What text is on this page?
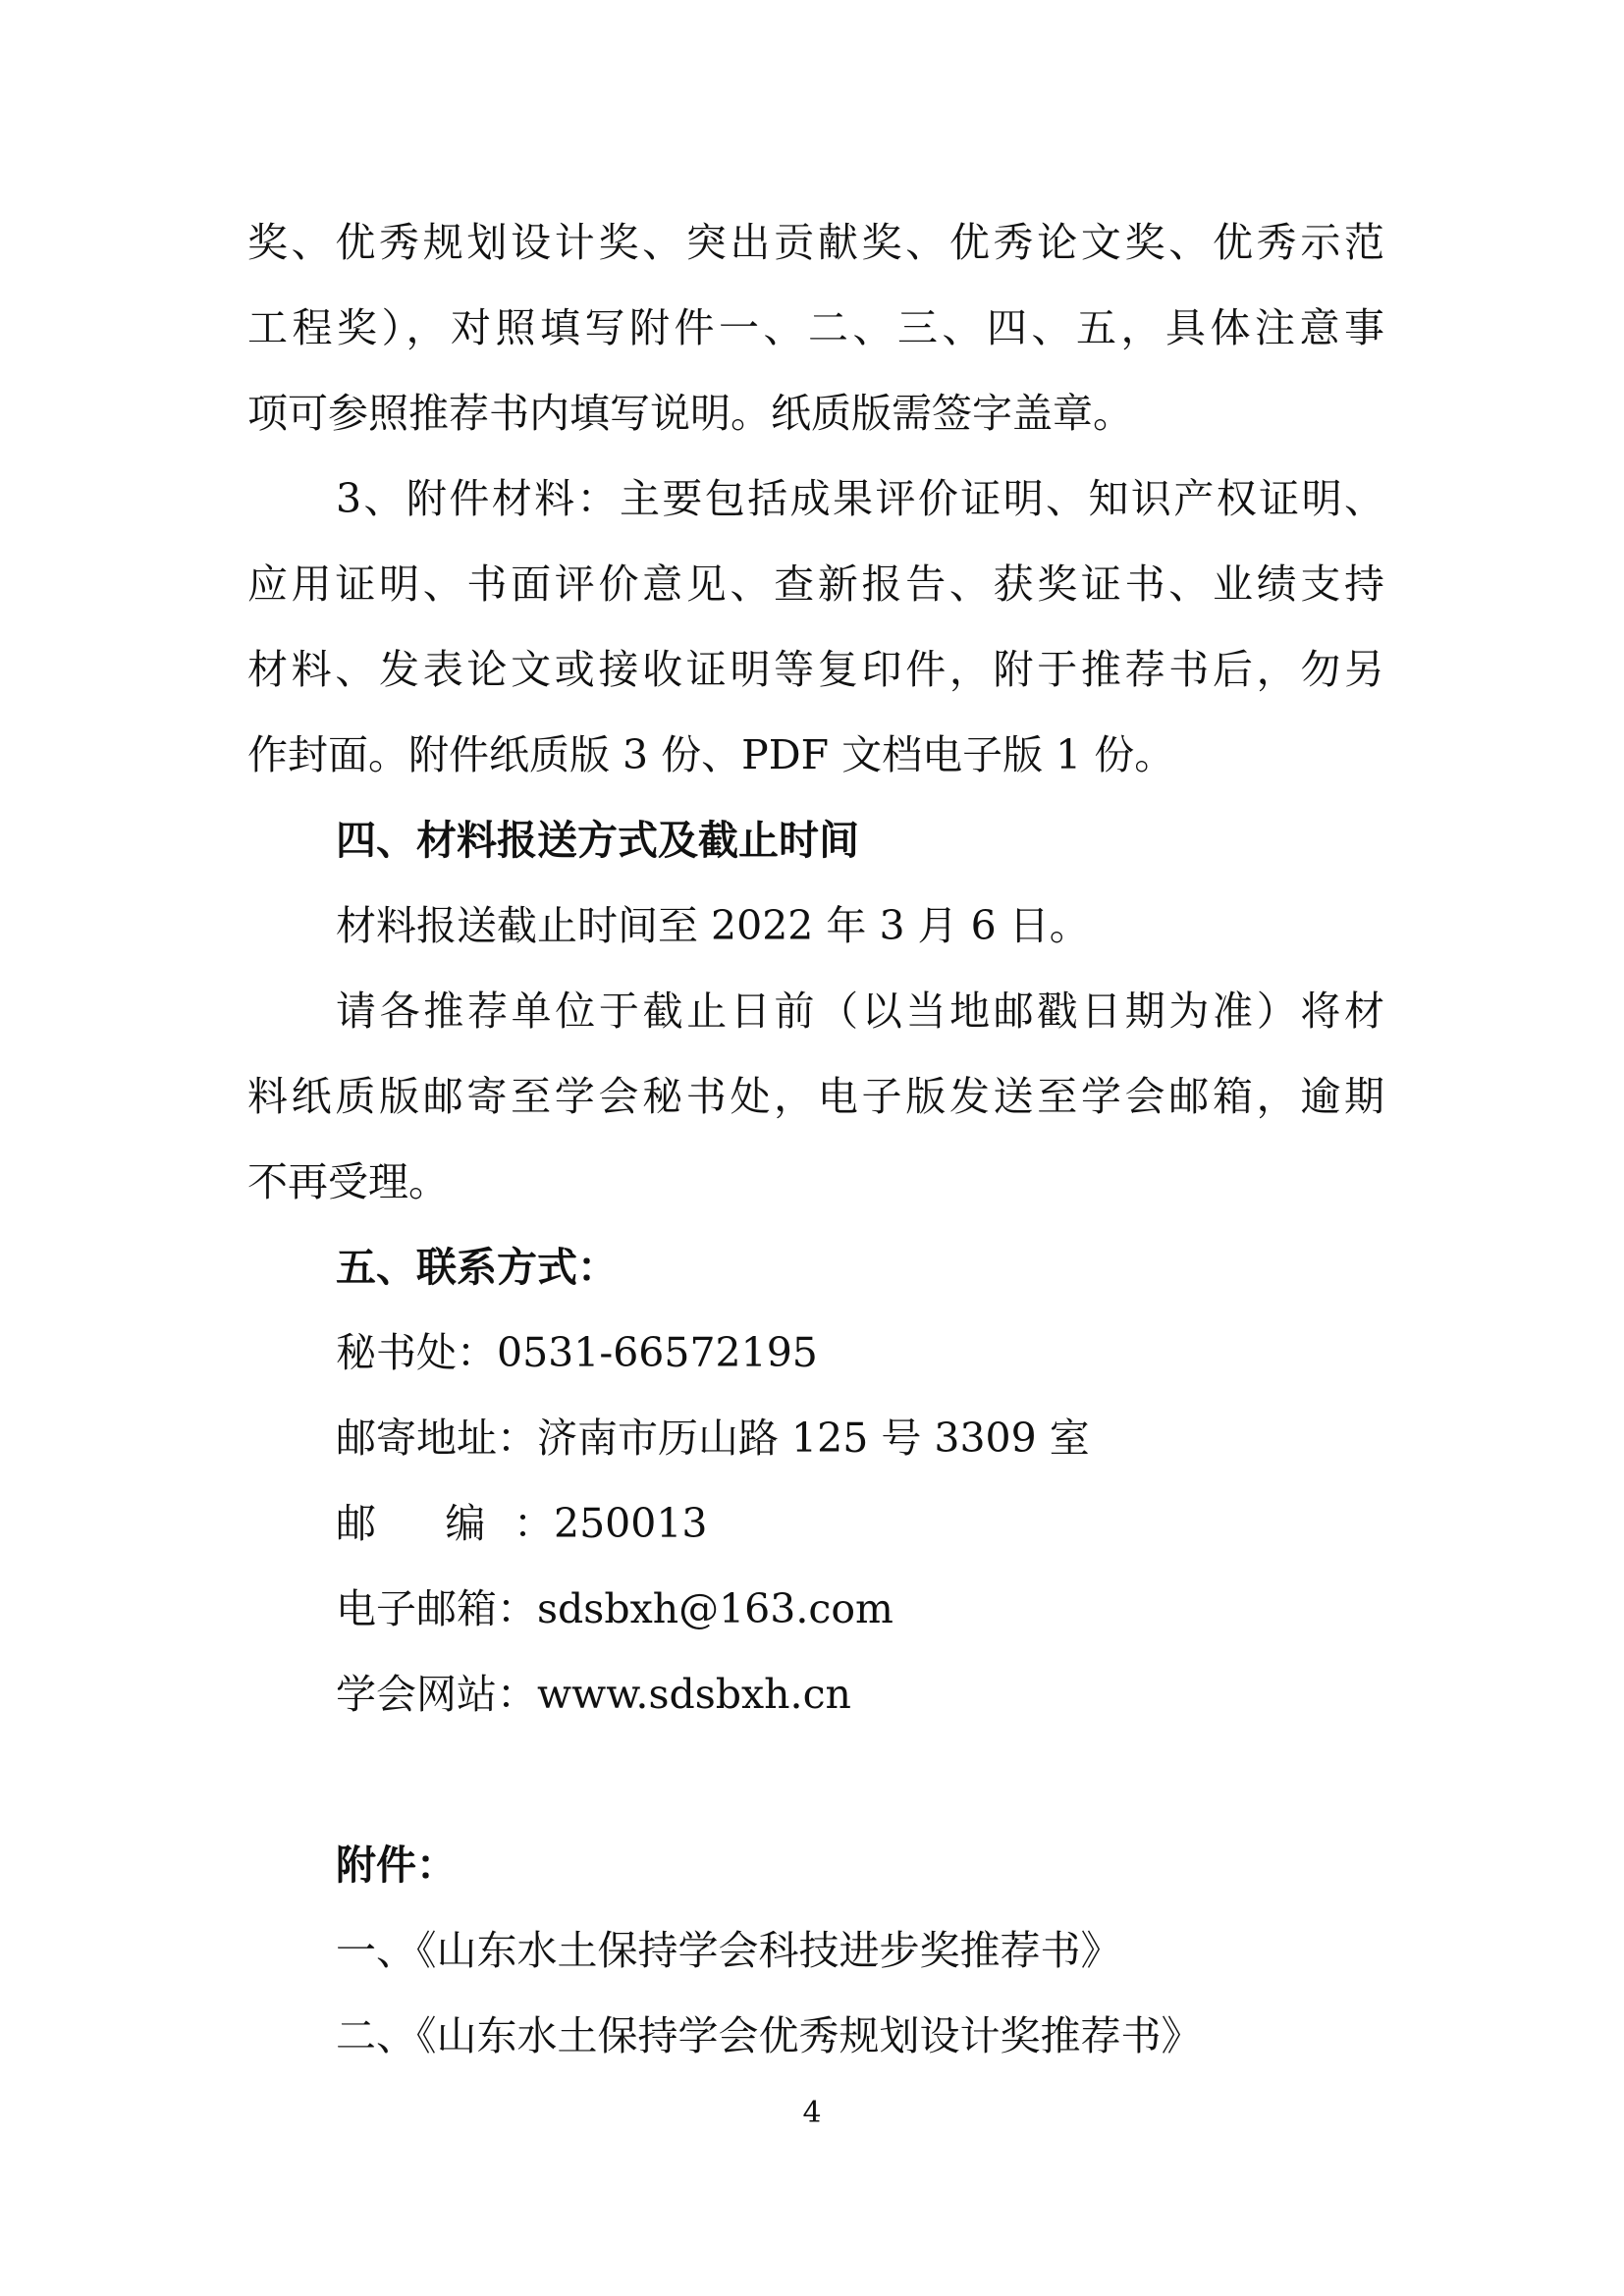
奖、优秀规划设计奖、突出贡献奖、优秀论文奖、优秀示范
工程奖），对照填写附件一、二、三、四、五，具体注意事
项可参照推荐书内填写说明。纸质版需签字盖章。
3、附件材料：主要包括成果评价证明、知识产权证明、
应用证明、书面评价意见、查新报告、获奖证书、业绩支持
材料、发表论文或接收证明等复印件，附于推荐书后，勿另
作封面。附件纸质版 3 份、PDF 文档电子版 1 份。
四、材料报送方式及截止时间
材料报送截止时间至 2022 年 3 月 6 日。
请各推荐单位于截止日前（以当地邮戳日期为准）将材
料纸质版邮寄至学会秘书处，电子版发送至学会邮箱，逾期
不再受理。
五、联系方式：
秘书处：0531-66572195
邮寄地址：济南市历山路 125 号 3309 室
邮 编：250013
电子邮箱：sdsbxh@163.com
学会网站：www.sdsbxh.cn
附件：
一、《山东水土保持学会科技进步奖推荐书》
二、《山东水土保持学会优秀规划设计奖推荐书》
4
